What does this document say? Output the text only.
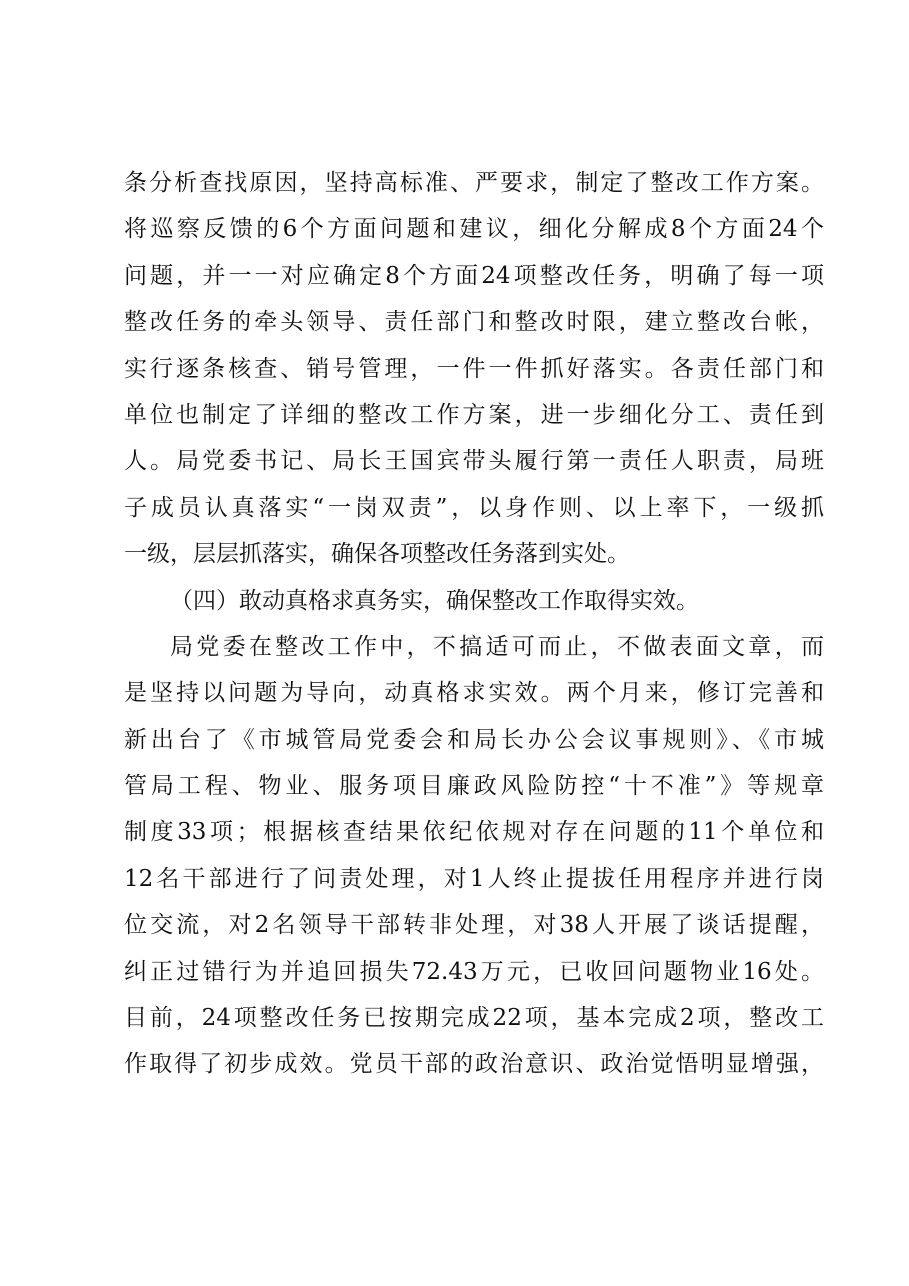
条分析查找原因，坚持高标准、严要求，制定了整改工作方案。
将巡察反馈的6个方面问题和建议，细化分解成8个方面24个
问题，并一一对应确定8个方面24项整改任务，明确了每一项
整改任务的牵头领导、责任部门和整改时限，建立整改台帐，
实行逐条核查、销号管理，一件一件抓好落实。各责任部门和
单位也制定了详细的整改工作方案，进一步细化分工、责任到
人。局党委书记、局长王国宾带头履行第一责任人职责，局班
子成员认真落实“一岗双责”，以身作则、以上率下，一级抓
一级，层层抓落实，确保各项整改任务落到实处。
（四）敢动真格求真务实，确保整改工作取得实效。
局党委在整改工作中，不搞适可而止，不做表面文章，而
是坚持以问题为导向，动真格求实效。两个月来，修订完善和
新出台了《市城管局党委会和局长办公会议事规则》、《市城
管局工程、物业、服务项目廉政风险防控“十不准”》等规章
制度33项；根据核查结果依纪依规对存在问题的11个单位和
12名干部进行了问责处理，对1人终止提拔任用程序并进行岗
位交流，对2名领导干部转非处理，对38人开展了谈话提醒，
纠正过错行为并追回损失72.43万元，已收回问题物业16处。
目前，24项整改任务已按期完成22项，基本完成2项，整改工
作取得了初步成效。党员干部的政治意识、政治觉悟明显增强，
